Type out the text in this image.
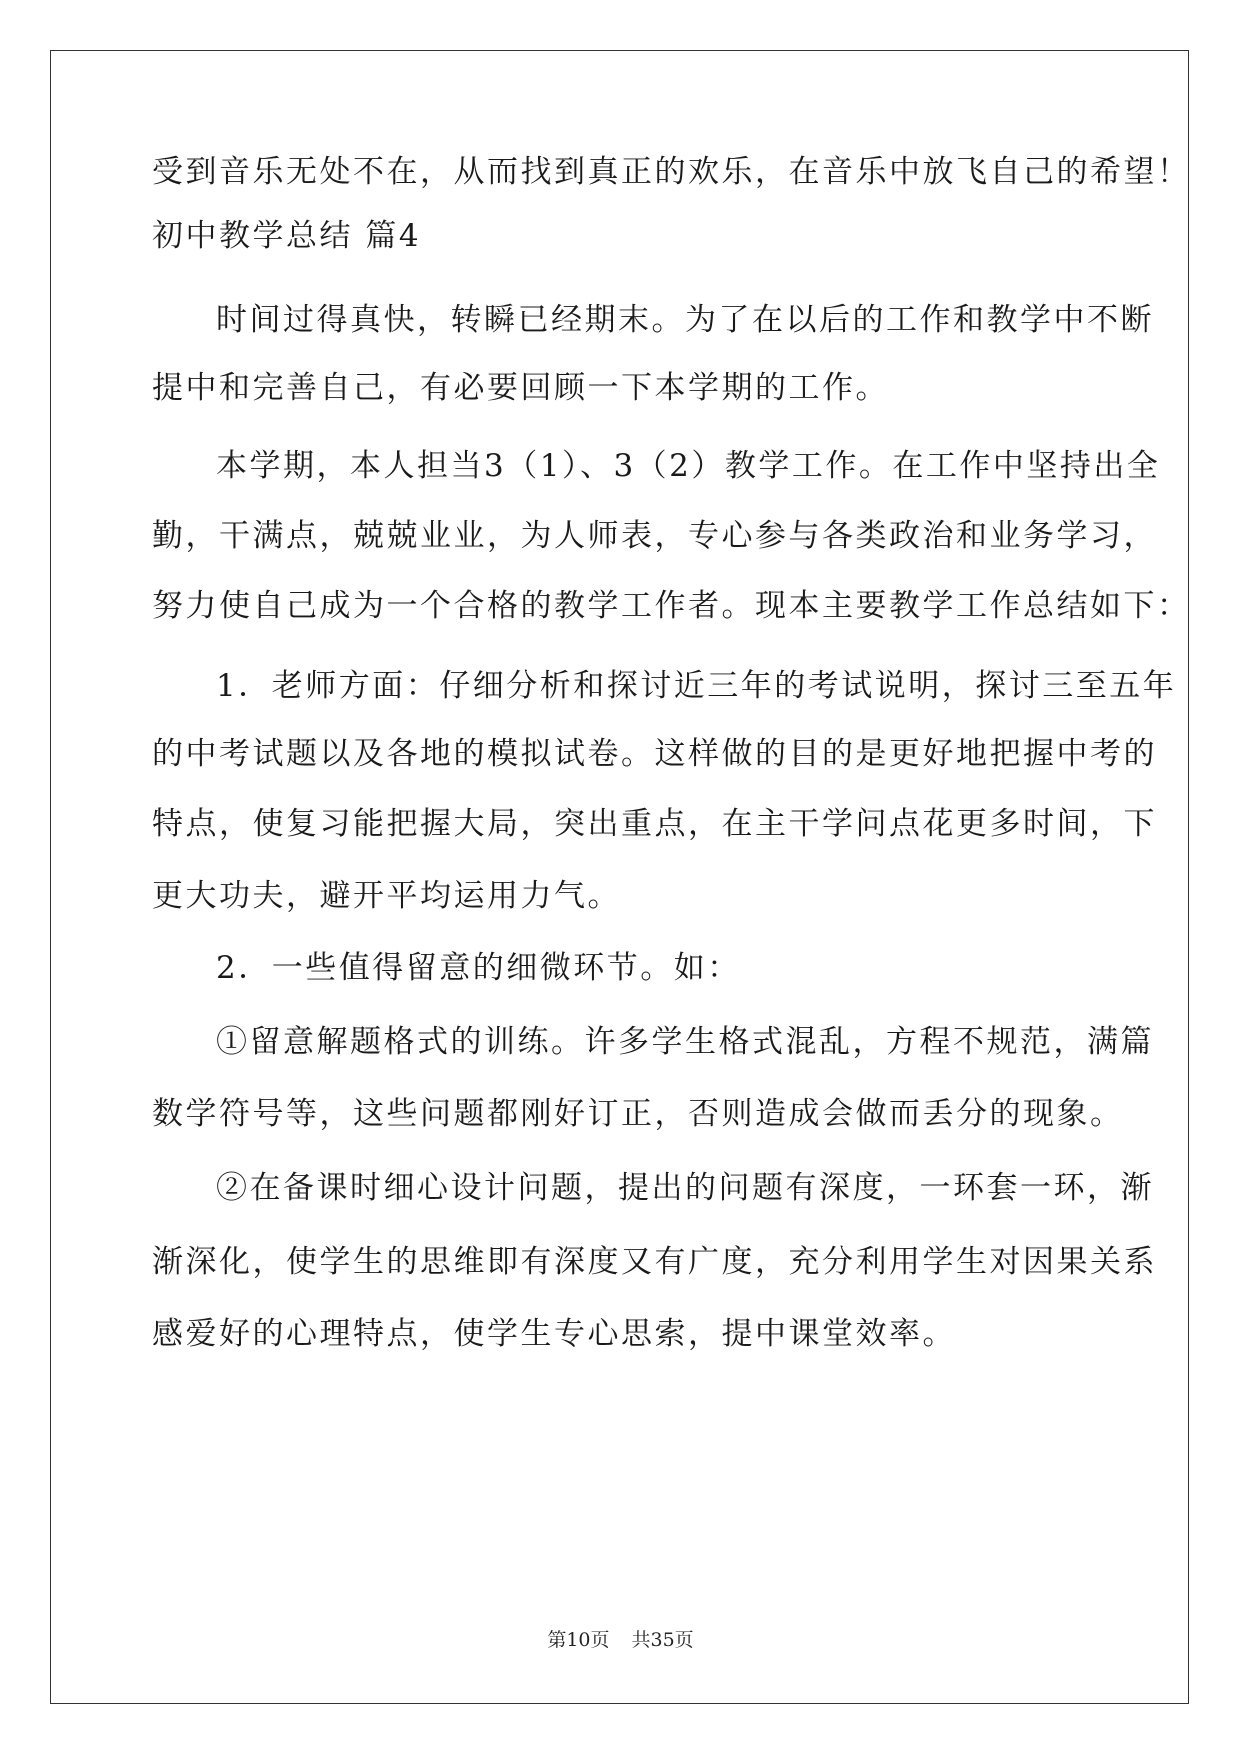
受到音乐无处不在，从而找到真正的欢乐，在音乐中放飞自己的希望！
初中教学总结 篇4
时间过得真快，转瞬已经期末。为了在以后的工作和教学中不断
提中和完善自己，有必要回顾一下本学期的工作。
本学期，本人担当3（1）、3（2）教学工作。在工作中坚持出全
勤，干满点，兢兢业业，为人师表，专心参与各类政治和业务学习，
努力使自己成为一个合格的教学工作者。现本主要教学工作总结如下：
1．老师方面：仔细分析和探讨近三年的考试说明，探讨三至五年
的中考试题以及各地的模拟试卷。这样做的目的是更好地把握中考的
特点，使复习能把握大局，突出重点，在主干学问点花更多时间，下
更大功夫，避开平均运用力气。
2．一些值得留意的细微环节。如：
①留意解题格式的训练。许多学生格式混乱，方程不规范，满篇
数学符号等，这些问题都刚好订正，否则造成会做而丢分的现象。
②在备课时细心设计问题，提出的问题有深度，一环套一环，渐
渐深化，使学生的思维即有深度又有广度，充分利用学生对因果关系
感爱好的心理特点，使学生专心思索，提中课堂效率。
第10页 共35页
